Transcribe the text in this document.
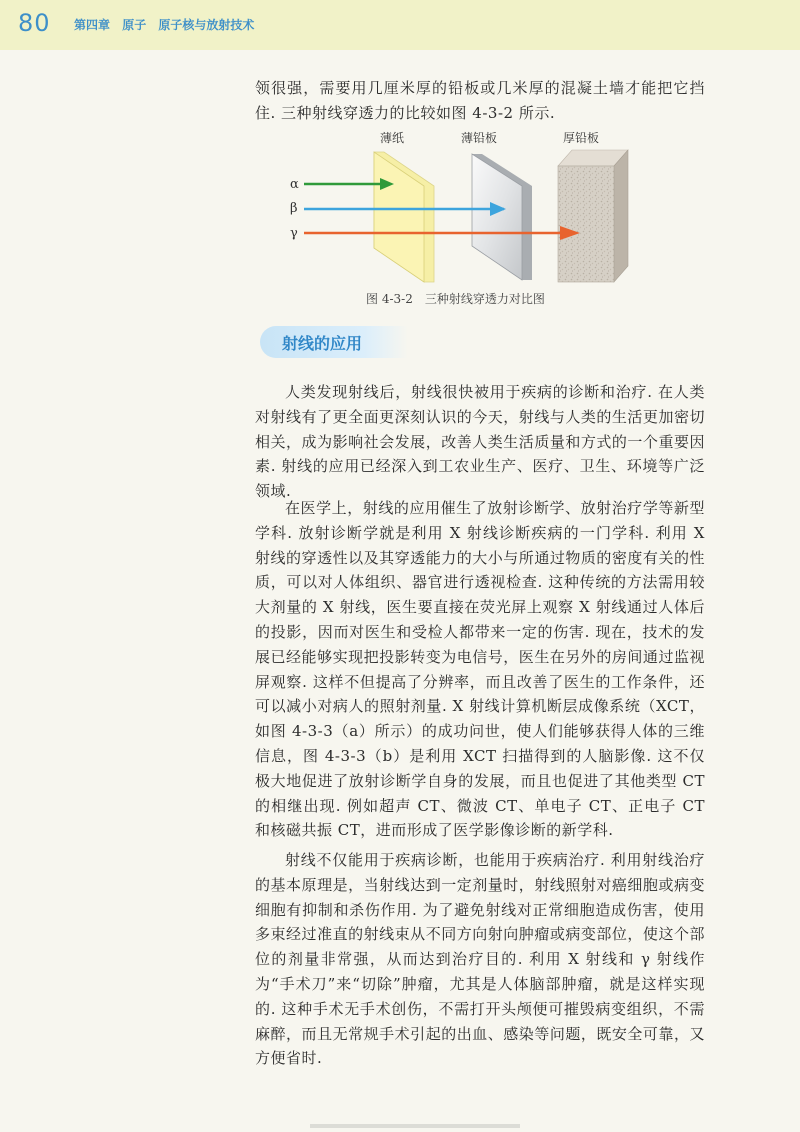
80 第四章 原子 原子核与放射技术

领很强，需要用几厘米厚的铅板或几米厚的混凝土墙才能把它挡住. 三种射线穿透力的比较如图 4-3-2 所示.

薄纸	薄铅板	厚铅板
α
β
γ
图 4-3-2　三种射线穿透力对比图
射线的应用

人类发现射线后，射线很快被用于疾病的诊断和治疗. 在人类对射线有了更全面更深刻认识的今天，射线与人类的生活更加密切相关，成为影响社会发展，改善人类生活质量和方式的一个重要因素. 射线的应用已经深入到工农业生产、医疗、卫生、环境等广泛领域.

在医学上，射线的应用催生了放射诊断学、放射治疗学等新型学科. 放射诊断学就是利用 X 射线诊断疾病的一门学科. 利用 X 射线的穿透性以及其穿透能力的大小与所通过物质的密度有关的性质，可以对人体组织、器官进行透视检查. 这种传统的方法需用较大剂量的 X 射线，医生要直接在荧光屏上观察 X 射线通过人体后的投影，因而对医生和受检人都带来一定的伤害. 现在，技术的发展已经能够实现把投影转变为电信号，医生在另外的房间通过监视屏观察. 这样不但提高了分辨率，而且改善了医生的工作条件，还可以减小对病人的照射剂量. X 射线计算机断层成像系统（XCT，如图 4-3-3（a）所示）的成功问世，使人们能够获得人体的三维信息，图 4-3-3（b）是利用 XCT 扫描得到的人脑影像. 这不仅极大地促进了放射诊断学自身的发展，而且也促进了其他类型 CT 的相继出现. 例如超声 CT、微波 CT、单电子 CT、正电子 CT 和核磁共振 CT，进而形成了医学影像诊断的新学科.

射线不仅能用于疾病诊断，也能用于疾病治疗. 利用射线治疗的基本原理是，当射线达到一定剂量时，射线照射对癌细胞或病变细胞有抑制和杀伤作用. 为了避免射线对正常细胞造成伤害，使用多束经过准直的射线束从不同方向射向肿瘤或病变部位，使这个部位的剂量非常强，从而达到治疗目的. 利用 X 射线和 γ 射线作为“手术刀”来“切除”肿瘤，尤其是人体脑部肿瘤，就是这样实现的. 这种手术无手术创伤，不需打开头颅便可摧毁病变组织，不需麻醉，而且无常规手术引起的出血、感染等问题，既安全可靠，又方便省时.
